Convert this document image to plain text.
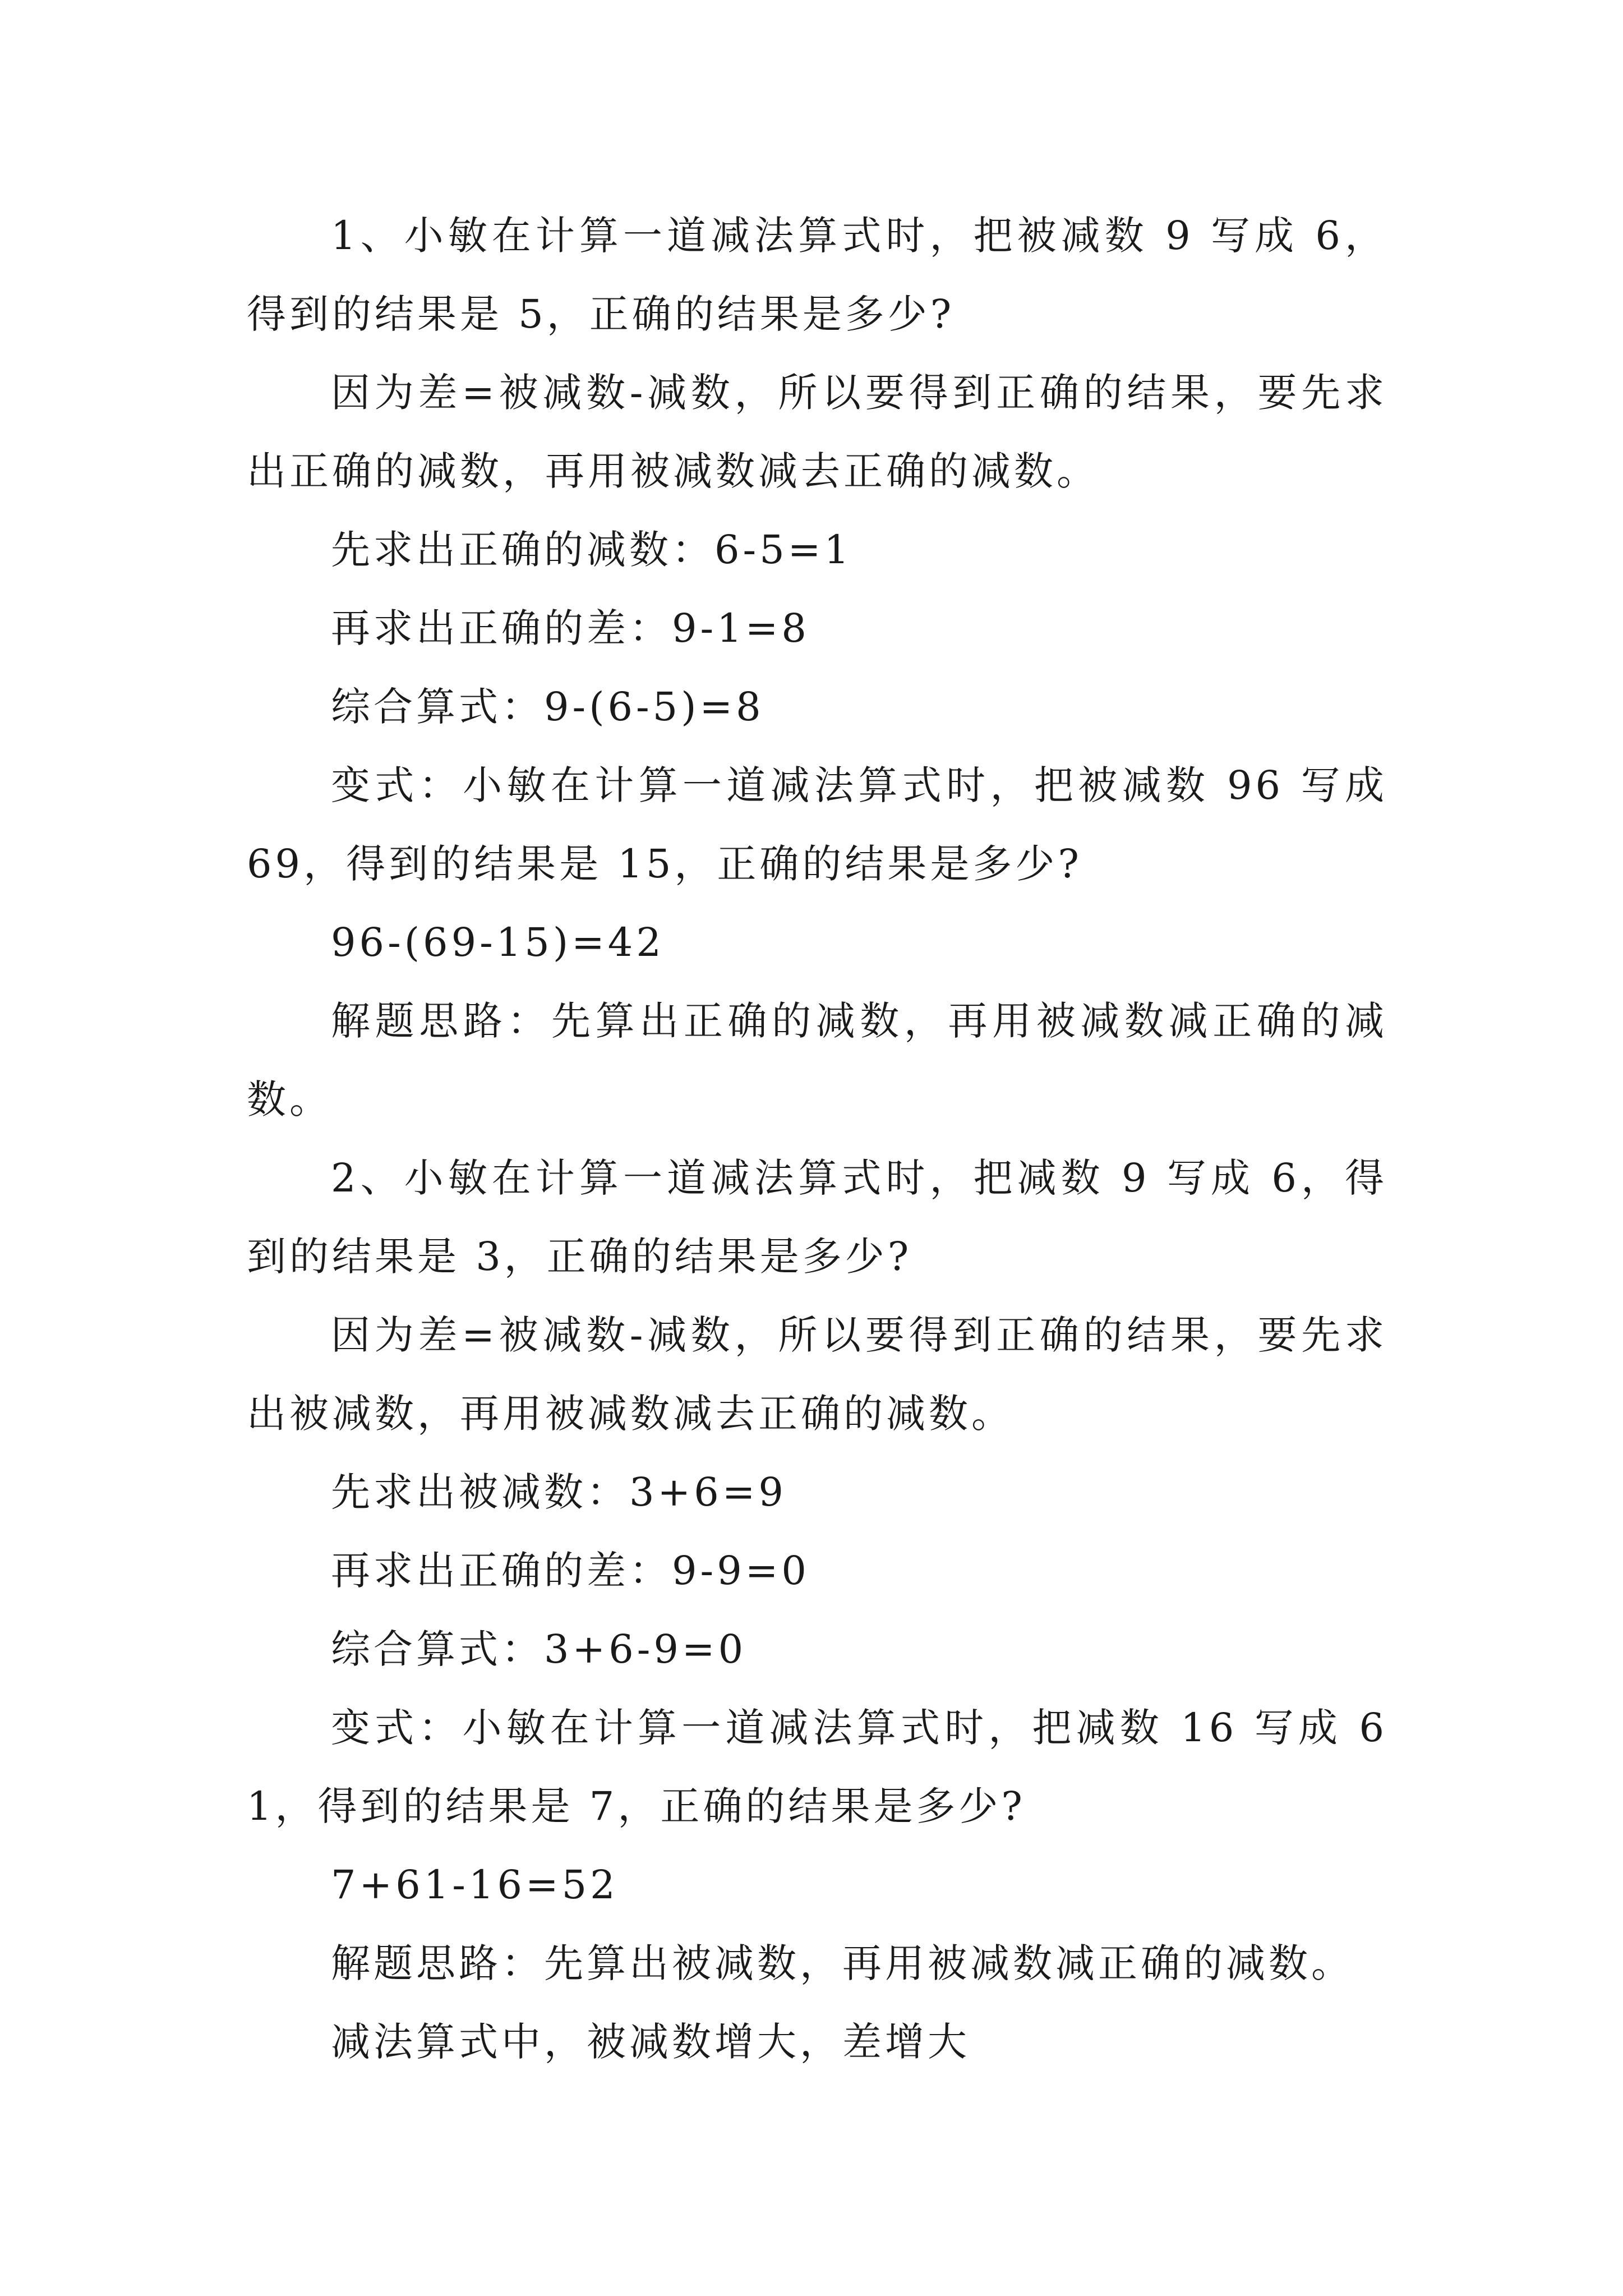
1、小敏在计算一道减法算式时，把被减数 9 写成 6，得到的结果是 5，正确的结果是多少?

因为差=被减数-减数，所以要得到正确的结果，要先求出正确的减数，再用被减数减去正确的减数。

先求出正确的减数：6-5=1

再求出正确的差：9-1=8

综合算式：9-(6-5)=8

变式：小敏在计算一道减法算式时，把被减数 96 写成 69，得到的结果是 15，正确的结果是多少?

96-(69-15)=42

解题思路：先算出正确的减数，再用被减数减正确的减数。

2、小敏在计算一道减法算式时，把减数 9 写成 6，得到的结果是 3，正确的结果是多少?

因为差=被减数-减数，所以要得到正确的结果，要先求出被减数，再用被减数减去正确的减数。

先求出被减数：3+6=9

再求出正确的差：9-9=0

综合算式：3+6-9=0

变式：小敏在计算一道减法算式时，把减数 16 写成 61，得到的结果是 7，正确的结果是多少?

7+61-16=52

解题思路：先算出被减数，再用被减数减正确的减数。

减法算式中，被减数增大，差增大
